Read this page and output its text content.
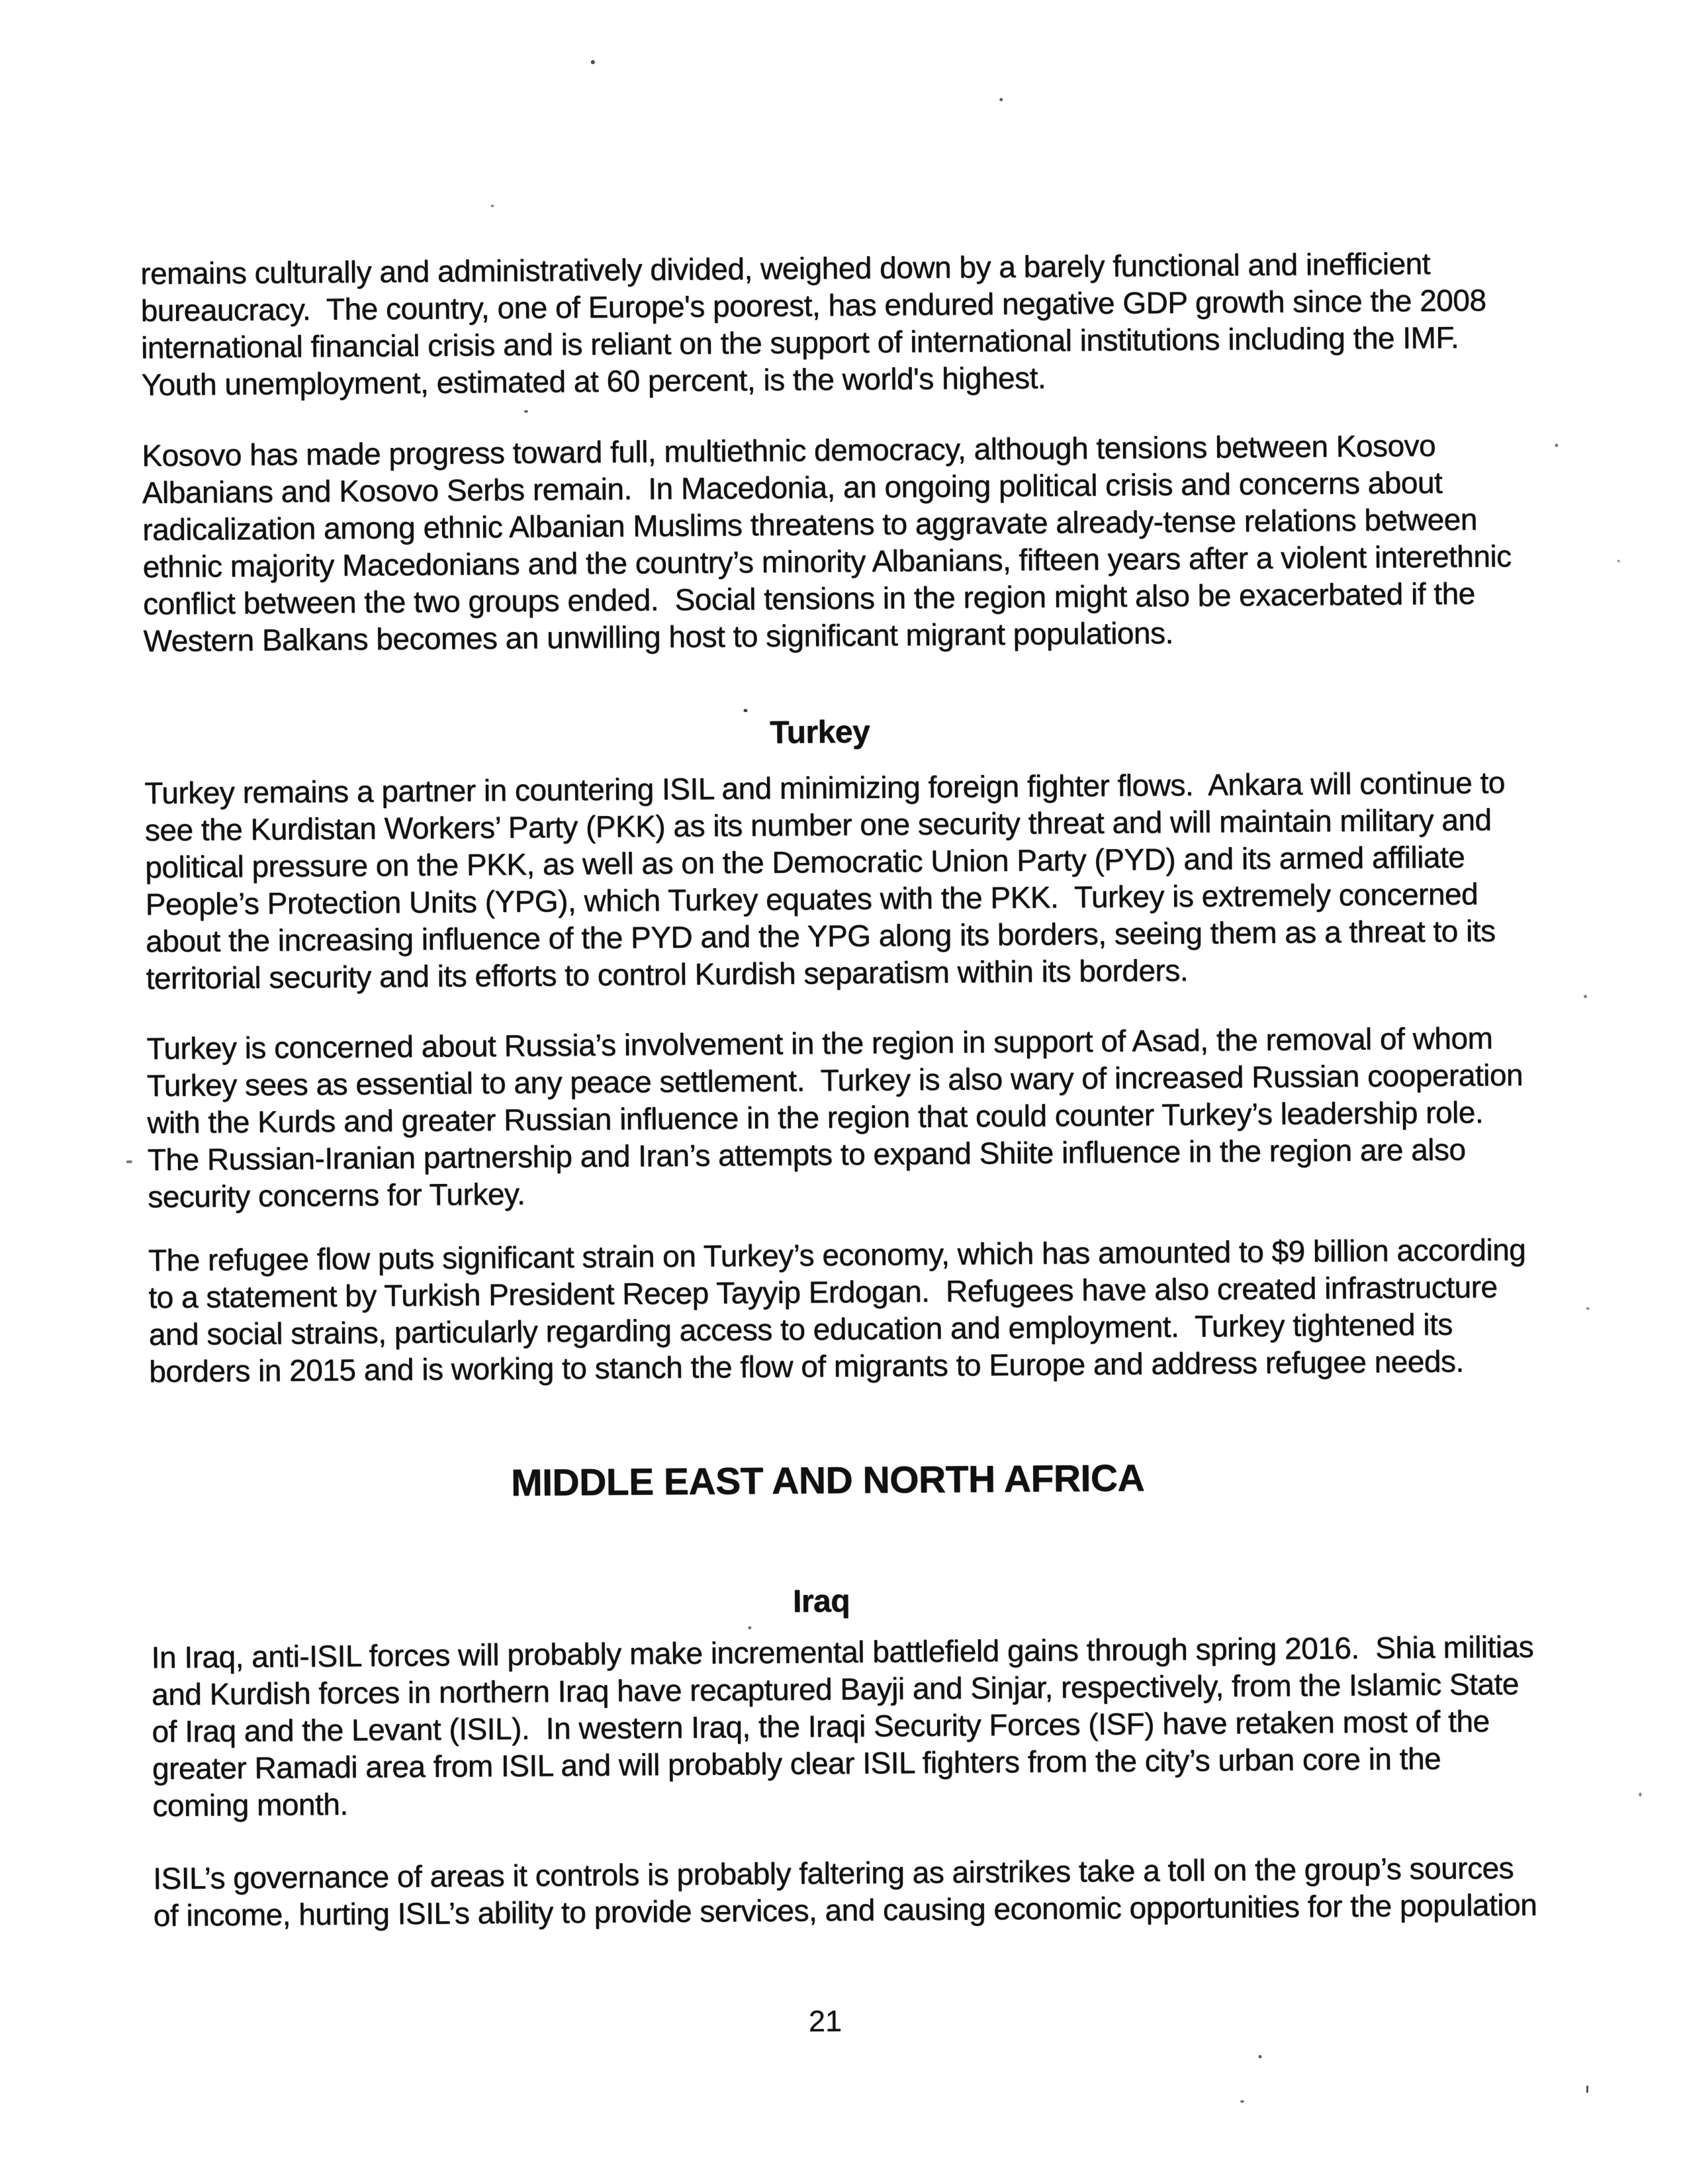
remains culturally and administratively divided, weighed down by a barely functional and inefficient
bureaucracy.  The country, one of Europe's poorest, has endured negative GDP growth since the 2008
international financial crisis and is reliant on the support of international institutions including the IMF.
Youth unemployment, estimated at 60 percent, is the world's highest.
Kosovo has made progress toward full, multiethnic democracy, although tensions between Kosovo
Albanians and Kosovo Serbs remain.  In Macedonia, an ongoing political crisis and concerns about
radicalization among ethnic Albanian Muslims threatens to aggravate already-tense relations between
ethnic majority Macedonians and the country’s minority Albanians, fifteen years after a violent interethnic
conflict between the two groups ended.  Social tensions in the region might also be exacerbated if the
Western Balkans becomes an unwilling host to significant migrant populations.
Turkey
Turkey remains a partner in countering ISIL and minimizing foreign fighter flows.  Ankara will continue to
see the Kurdistan Workers’ Party (PKK) as its number one security threat and will maintain military and
political pressure on the PKK, as well as on the Democratic Union Party (PYD) and its armed affiliate
People’s Protection Units (YPG), which Turkey equates with the PKK.  Turkey is extremely concerned
about the increasing influence of the PYD and the YPG along its borders, seeing them as a threat to its
territorial security and its efforts to control Kurdish separatism within its borders.
Turkey is concerned about Russia’s involvement in the region in support of Asad, the removal of whom
Turkey sees as essential to any peace settlement.  Turkey is also wary of increased Russian cooperation
with the Kurds and greater Russian influence in the region that could counter Turkey’s leadership role.
The Russian-Iranian partnership and Iran’s attempts to expand Shiite influence in the region are also
security concerns for Turkey.
The refugee flow puts significant strain on Turkey’s economy, which has amounted to $9 billion according
to a statement by Turkish President Recep Tayyip Erdogan.  Refugees have also created infrastructure
and social strains, particularly regarding access to education and employment.  Turkey tightened its
borders in 2015 and is working to stanch the flow of migrants to Europe and address refugee needs.
MIDDLE EAST AND NORTH AFRICA
Iraq
In Iraq, anti-ISIL forces will probably make incremental battlefield gains through spring 2016.  Shia militias
and Kurdish forces in northern Iraq have recaptured Bayji and Sinjar, respectively, from the Islamic State
of Iraq and the Levant (ISIL).  In western Iraq, the Iraqi Security Forces (ISF) have retaken most of the
greater Ramadi area from ISIL and will probably clear ISIL fighters from the city’s urban core in the
coming month.
ISIL’s governance of areas it controls is probably faltering as airstrikes take a toll on the group’s sources
of income, hurting ISIL’s ability to provide services, and causing economic opportunities for the population
21
